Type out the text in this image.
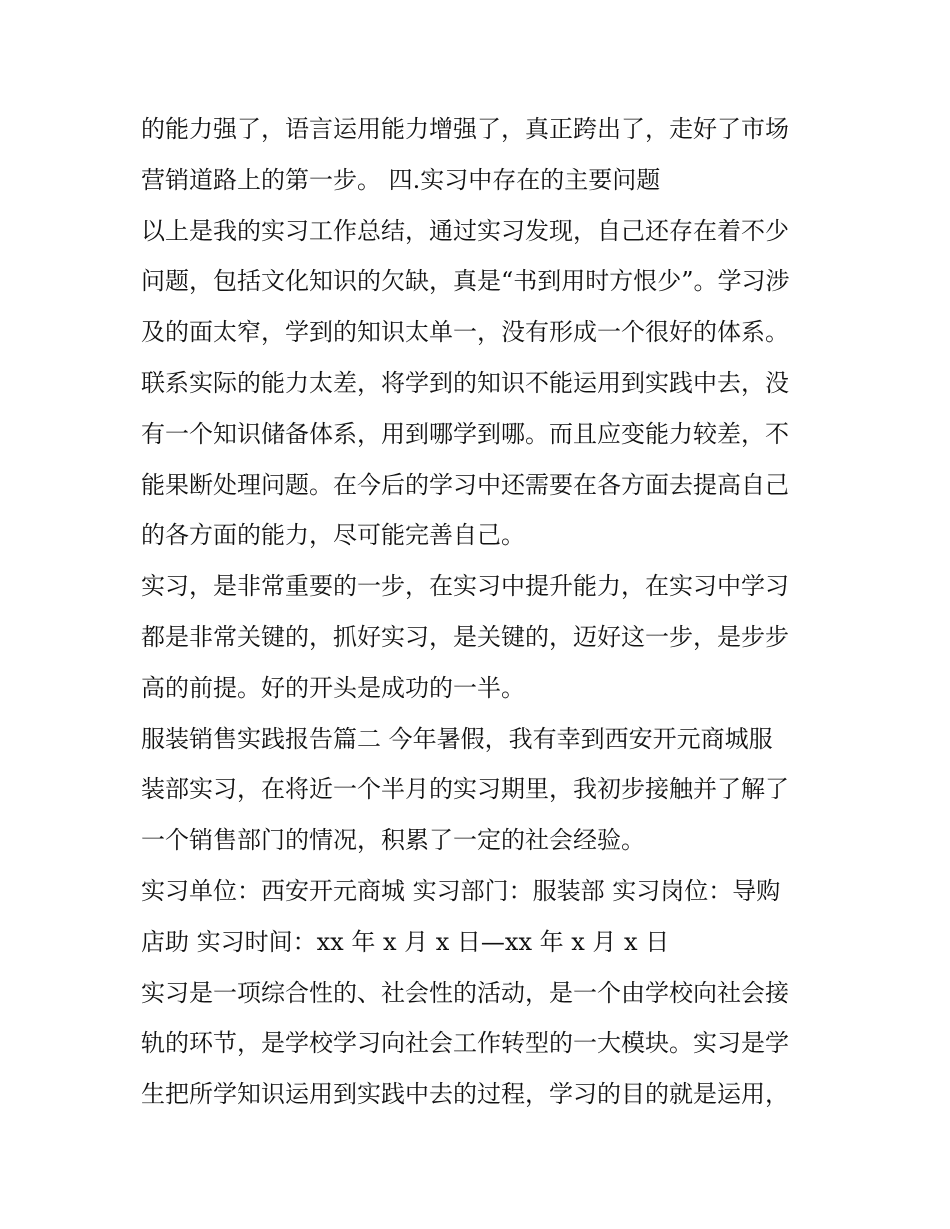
的能力强了，语言运用能力增强了，真正跨出了，走好了市场
营销道路上的第一步。 四.实习中存在的主要问题
以上是我的实习工作总结，通过实习发现，自己还存在着不少
问题，包括文化知识的欠缺，真是“书到用时方恨少”。学习涉
及的面太窄，学到的知识太单一，没有形成一个很好的体系。
联系实际的能力太差，将学到的知识不能运用到实践中去，没
有一个知识储备体系，用到哪学到哪。而且应变能力较差，不
能果断处理问题。在今后的学习中还需要在各方面去提高自己
的各方面的能力，尽可能完善自己。
实习，是非常重要的一步，在实习中提升能力，在实习中学习
都是非常关键的，抓好实习，是关键的，迈好这一步，是步步
高的前提。好的开头是成功的一半。
服装销售实践报告篇二 今年暑假，我有幸到西安开元商城服
装部实习，在将近一个半月的实习期里，我初步接触并了解了
一个销售部门的情况，积累了一定的社会经验。
实习单位：西安开元商城 实习部门：服装部 实习岗位：导购
店助 实习时间：xx 年 x 月 x 日—xx 年 x 月 x 日
实习是一项综合性的、社会性的活动，是一个由学校向社会接
轨的环节，是学校学习向社会工作转型的一大模块。实习是学
生把所学知识运用到实践中去的过程，学习的目的就是运用，
